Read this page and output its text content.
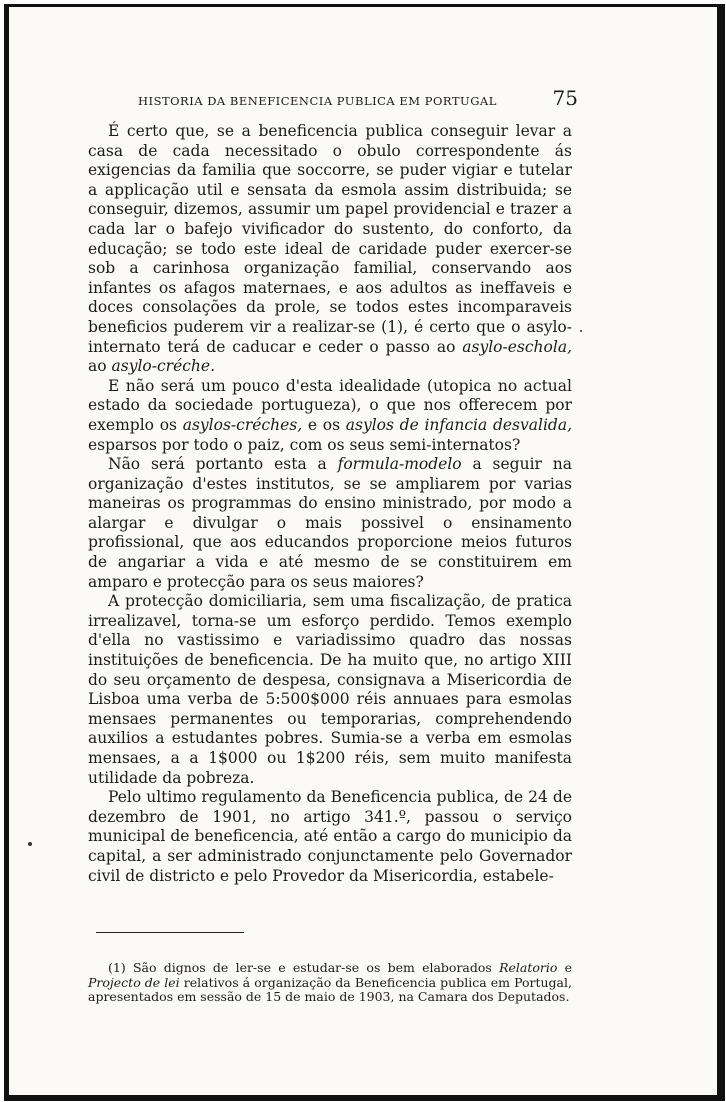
HISTORIA DA BENEFICENCIA PUBLICA EM PORTUGAL	75

É certo que, se a beneficencia publica conseguir levar a casa de cada necessitado o obulo correspondente ás exigencias da familia que soccorre, se puder vigiar e tutelar a applicação util e sensata da esmola assim distribuida; se conseguir, dizemos, assumir um papel providencial e trazer a cada lar o bafejo vivificador do sustento, do conforto, da educação; se todo este ideal de caridade puder exercer-se sob a carinhosa organização familial, conservando aos infantes os afagos maternaes, e aos adultos as ineffaveis e doces consolações da prole, se todos estes incomparaveis beneficios puderem vir a realizar-se (1), é certo que o asylo-internato terá de caducar e ceder o passo ao asylo-eschola, ao asylo-créche.

E não será um pouco d'esta idealidade (utopica no actual estado da sociedade portugueza), o que nos offerecem por exemplo os asylos-créches, e os asylos de infancia desvalida, esparsos por todo o paiz, com os seus semi-internatos?

Não será portanto esta a formula-modelo a seguir na organização d'estes institutos, se se ampliarem por varias maneiras os programmas do ensino ministrado, por modo a alargar e divulgar o mais possivel o ensinamento profissional, que aos educandos proporcione meios futuros de angariar a vida e até mesmo de se constituirem em amparo e protecção para os seus maiores?

A protecção domiciliaria, sem uma fiscalização, de pratica irrealizavel, torna-se um esforço perdido. Temos exemplo d'ella no vastissimo e variadissimo quadro das nossas instituições de beneficencia. De ha muito que, no artigo XIII do seu orçamento de despesa, consignava a Misericordia de Lisboa uma verba de 5:500$000 réis annuaes para esmolas mensaes permanentes ou temporarias, comprehendendo auxilios a estudantes pobres. Sumia-se a verba em esmolas mensaes, a a 1$000 ou 1$200 réis, sem muito manifesta utilidade da pobreza.

Pelo ultimo regulamento da Beneficencia publica, de 24 de dezembro de 1901, no artigo 341.º, passou o serviço municipal de beneficencia, até então a cargo do municipio da capital, a ser administrado conjunctamente pelo Governador civil de districto e pelo Provedor da Misericordia, estabele-

(1) São dignos de ler-se e estudar-se os bem elaborados Relatorio e Projecto de lei relativos á organização da Beneficencia publica em Portugal, apresentados em sessão de 15 de maio de 1903, na Camara dos Deputados.
